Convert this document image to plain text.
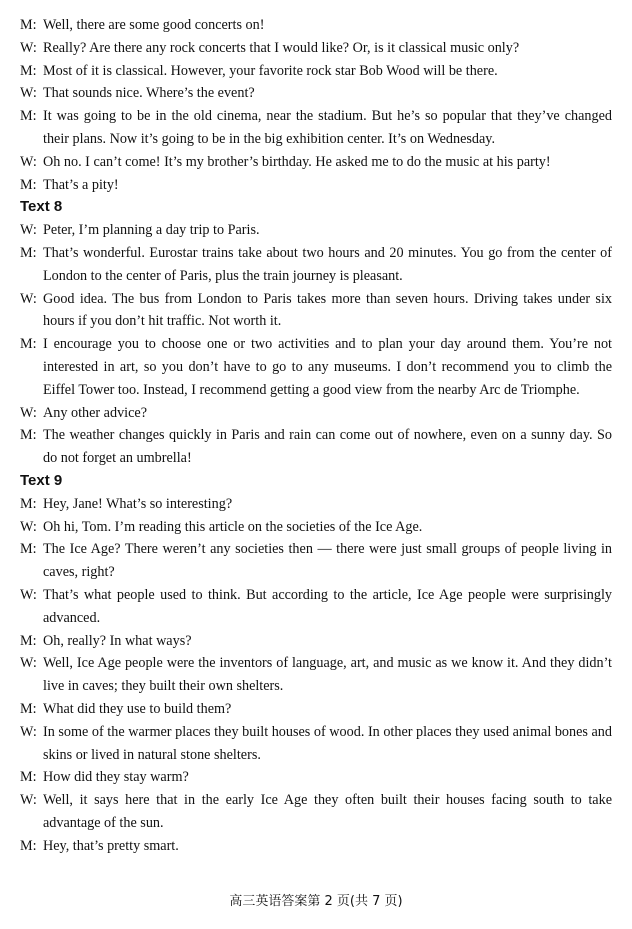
M: Well, there are some good concerts on!
W: Really? Are there any rock concerts that I would like? Or, is it classical music only?
M: Most of it is classical. However, your favorite rock star Bob Wood will be there.
W: That sounds nice. Where’s the event?
M: It was going to be in the old cinema, near the stadium. But he’s so popular that they’ve changed their plans. Now it’s going to be in the big exhibition center. It’s on Wednesday.
W: Oh no. I can’t come! It’s my brother’s birthday. He asked me to do the music at his party!
M: That’s a pity!
Text 8
W: Peter, I’m planning a day trip to Paris.
M: That’s wonderful. Eurostar trains take about two hours and 20 minutes. You go from the center of London to the center of Paris, plus the train journey is pleasant.
W: Good idea. The bus from London to Paris takes more than seven hours. Driving takes under six hours if you don’t hit traffic. Not worth it.
M: I encourage you to choose one or two activities and to plan your day around them. You’re not interested in art, so you don’t have to go to any museums. I don’t recommend you to climb the Eiffel Tower too. Instead, I recommend getting a good view from the nearby Arc de Triomphe.
W: Any other advice?
M: The weather changes quickly in Paris and rain can come out of nowhere, even on a sunny day. So do not forget an umbrella!
Text 9
M: Hey, Jane! What’s so interesting?
W: Oh hi, Tom. I’m reading this article on the societies of the Ice Age.
M: The Ice Age? There weren’t any societies then — there were just small groups of people living in caves, right?
W: That’s what people used to think. But according to the article, Ice Age people were surprisingly advanced.
M: Oh, really? In what ways?
W: Well, Ice Age people were the inventors of language, art, and music as we know it. And they didn’t live in caves; they built their own shelters.
M: What did they use to build them?
W: In some of the warmer places they built houses of wood. In other places they used animal bones and skins or lived in natural stone shelters.
M: How did they stay warm?
W: Well, it says here that in the early Ice Age they often built their houses facing south to take advantage of the sun.
M: Hey, that’s pretty smart.
高三英语答案第 2 页(共 7 页)
